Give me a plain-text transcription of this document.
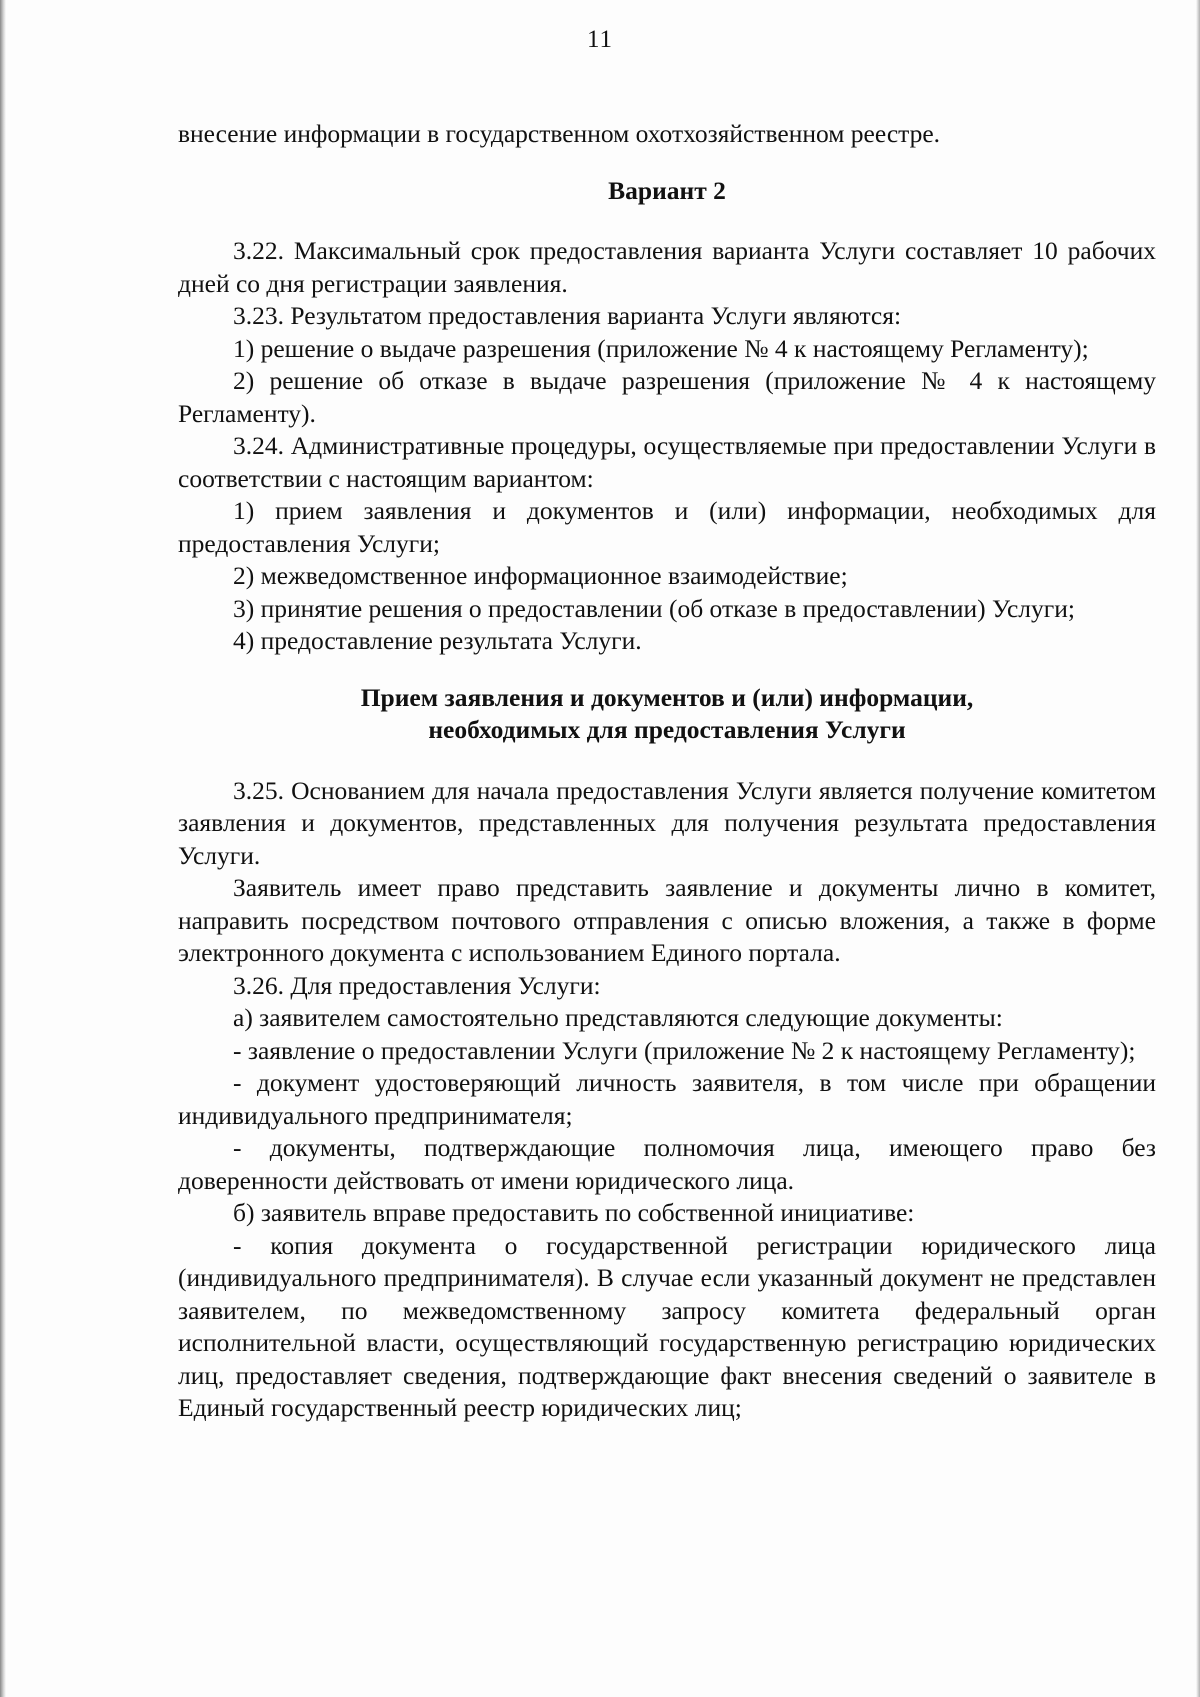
11

внесение информации в государственном охотхозяйственном реестре.

Вариант 2

3.22. Максимальный срок предоставления варианта Услуги составляет 10 рабочих дней со дня регистрации заявления.

3.23. Результатом предоставления варианта Услуги являются:

1) решение о выдаче разрешения (приложение № 4 к настоящему Регламенту);

2) решение об отказе в выдаче разрешения (приложение № 4 к настоящему Регламенту).

3.24. Административные процедуры, осуществляемые при предоставлении Услуги в соответствии с настоящим вариантом:

1) прием заявления и документов и (или) информации, необходимых для предоставления Услуги;

2) межведомственное информационное взаимодействие;

3) принятие решения о предоставлении (об отказе в предоставлении) Услуги;

4) предоставление результата Услуги.

Прием заявления и документов и (или) информации,

необходимых для предоставления Услуги

3.25. Основанием для начала предоставления Услуги является получение комитетом заявления и документов, представленных для получения результата предоставления Услуги.

Заявитель имеет право представить заявление и документы лично в комитет, направить посредством почтового отправления с описью вложения, а также в форме электронного документа с использованием Единого портала.

3.26. Для предоставления Услуги:

а) заявителем самостоятельно представляются следующие документы:

- заявление о предоставлении Услуги (приложение № 2 к настоящему Регламенту);

- документ удостоверяющий личность заявителя, в том числе при обращении индивидуального предпринимателя;

- документы, подтверждающие полномочия лица, имеющего право без доверенности действовать от имени юридического лица.

б) заявитель вправе предоставить по собственной инициативе:

- копия документа о государственной регистрации юридического лица (индивидуального предпринимателя). В случае если указанный документ не представлен заявителем, по межведомственному запросу комитета федеральный орган исполнительной власти, осуществляющий государственную регистрацию юридических лиц, предоставляет сведения, подтверждающие факт внесения сведений о заявителе в Единый государственный реестр юридических лиц;
